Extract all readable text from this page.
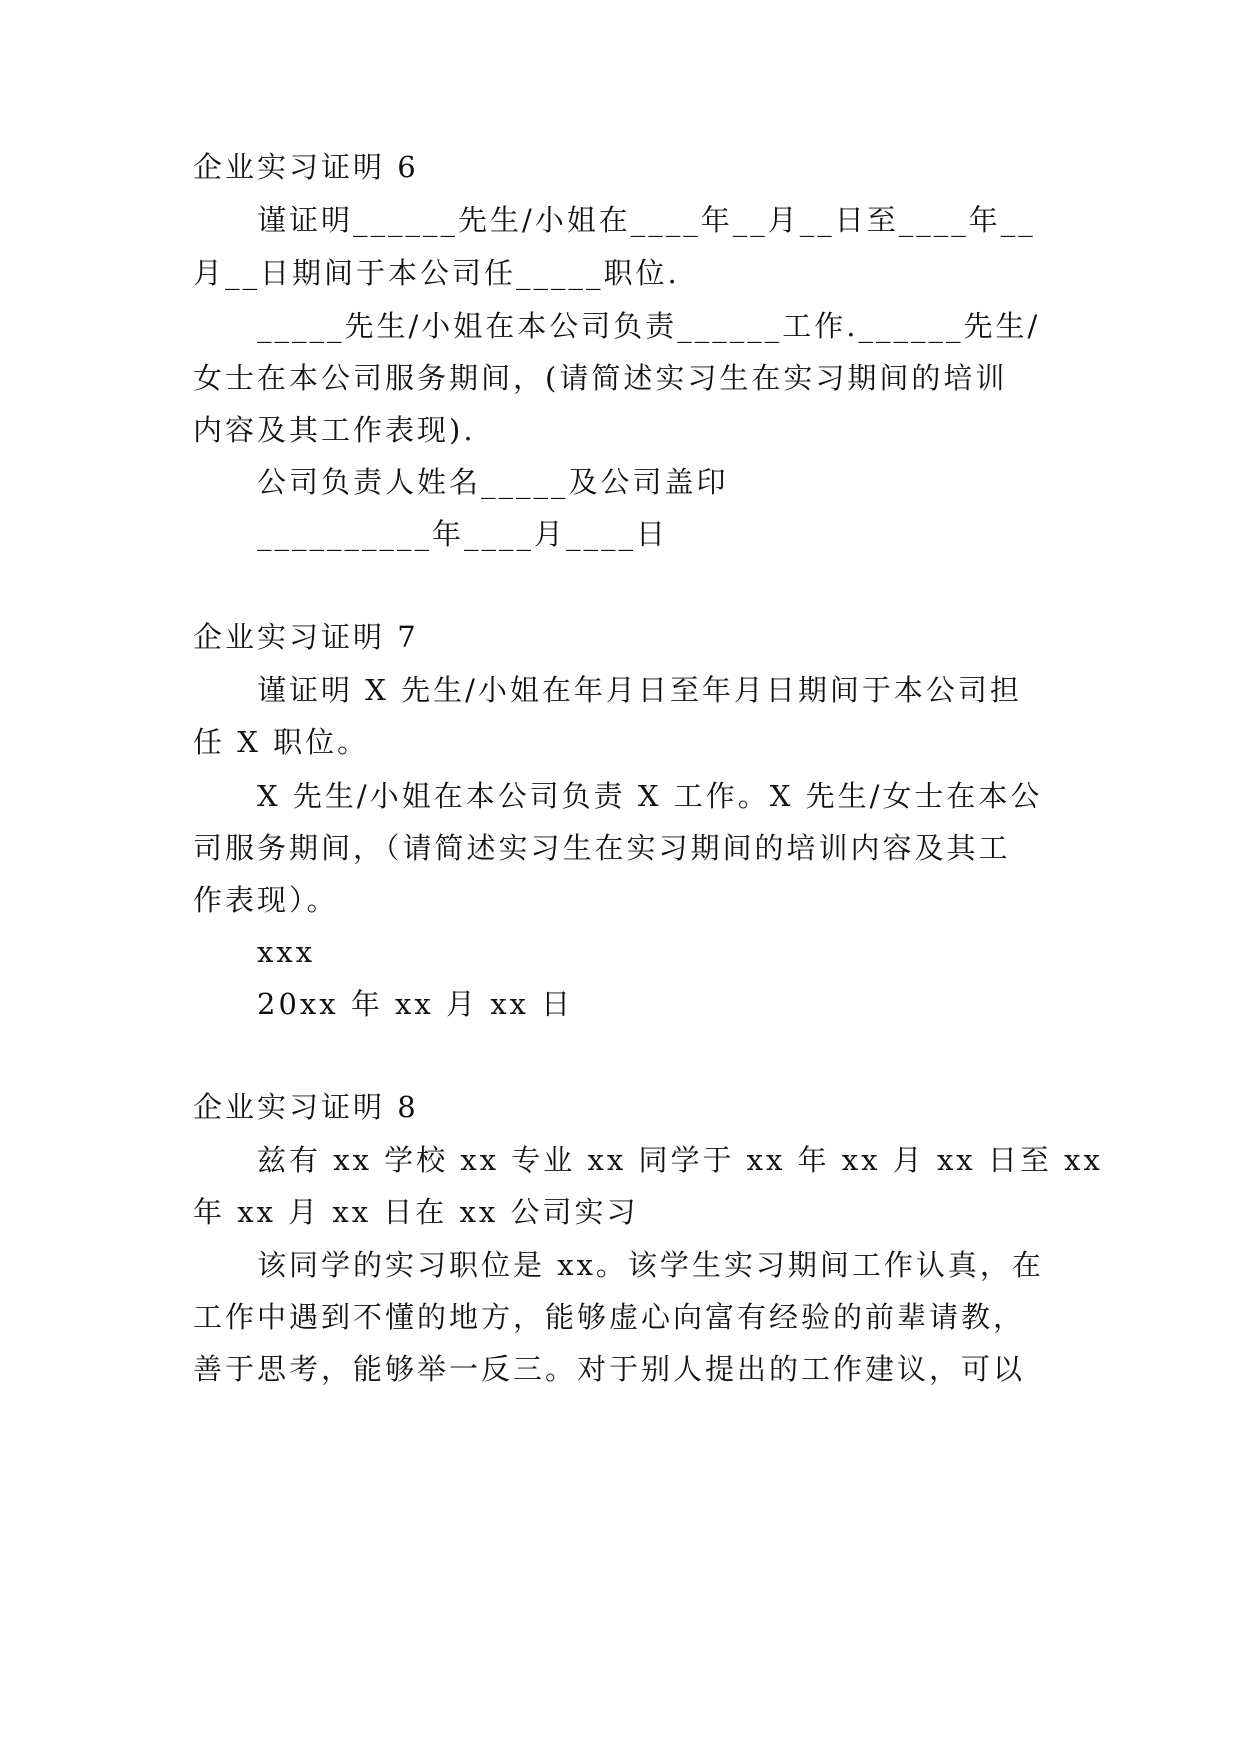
企业实习证明 6
谨证明______先生/小姐在____年__月__日至____年__
月__日期间于本公司任_____职位.
_____先生/小姐在本公司负责______工作.______先生/
女士在本公司服务期间，(请简述实习生在实习期间的培训
内容及其工作表现).
公司负责人姓名_____及公司盖印
__________年____月____日
企业实习证明 7
谨证明 X 先生/小姐在年月日至年月日期间于本公司担
任 X 职位。
X 先生/小姐在本公司负责 X 工作。X 先生/女士在本公
司服务期间，（请简述实习生在实习期间的培训内容及其工
作表现）。
xxx
20xx 年 xx 月 xx 日
企业实习证明 8
兹有 xx 学校 xx 专业 xx 同学于 xx 年 xx 月 xx 日至 xx
年 xx 月 xx 日在 xx 公司实习
该同学的实习职位是 xx。该学生实习期间工作认真，在
工作中遇到不懂的地方，能够虚心向富有经验的前辈请教，
善于思考，能够举一反三。对于别人提出的工作建议，可以
